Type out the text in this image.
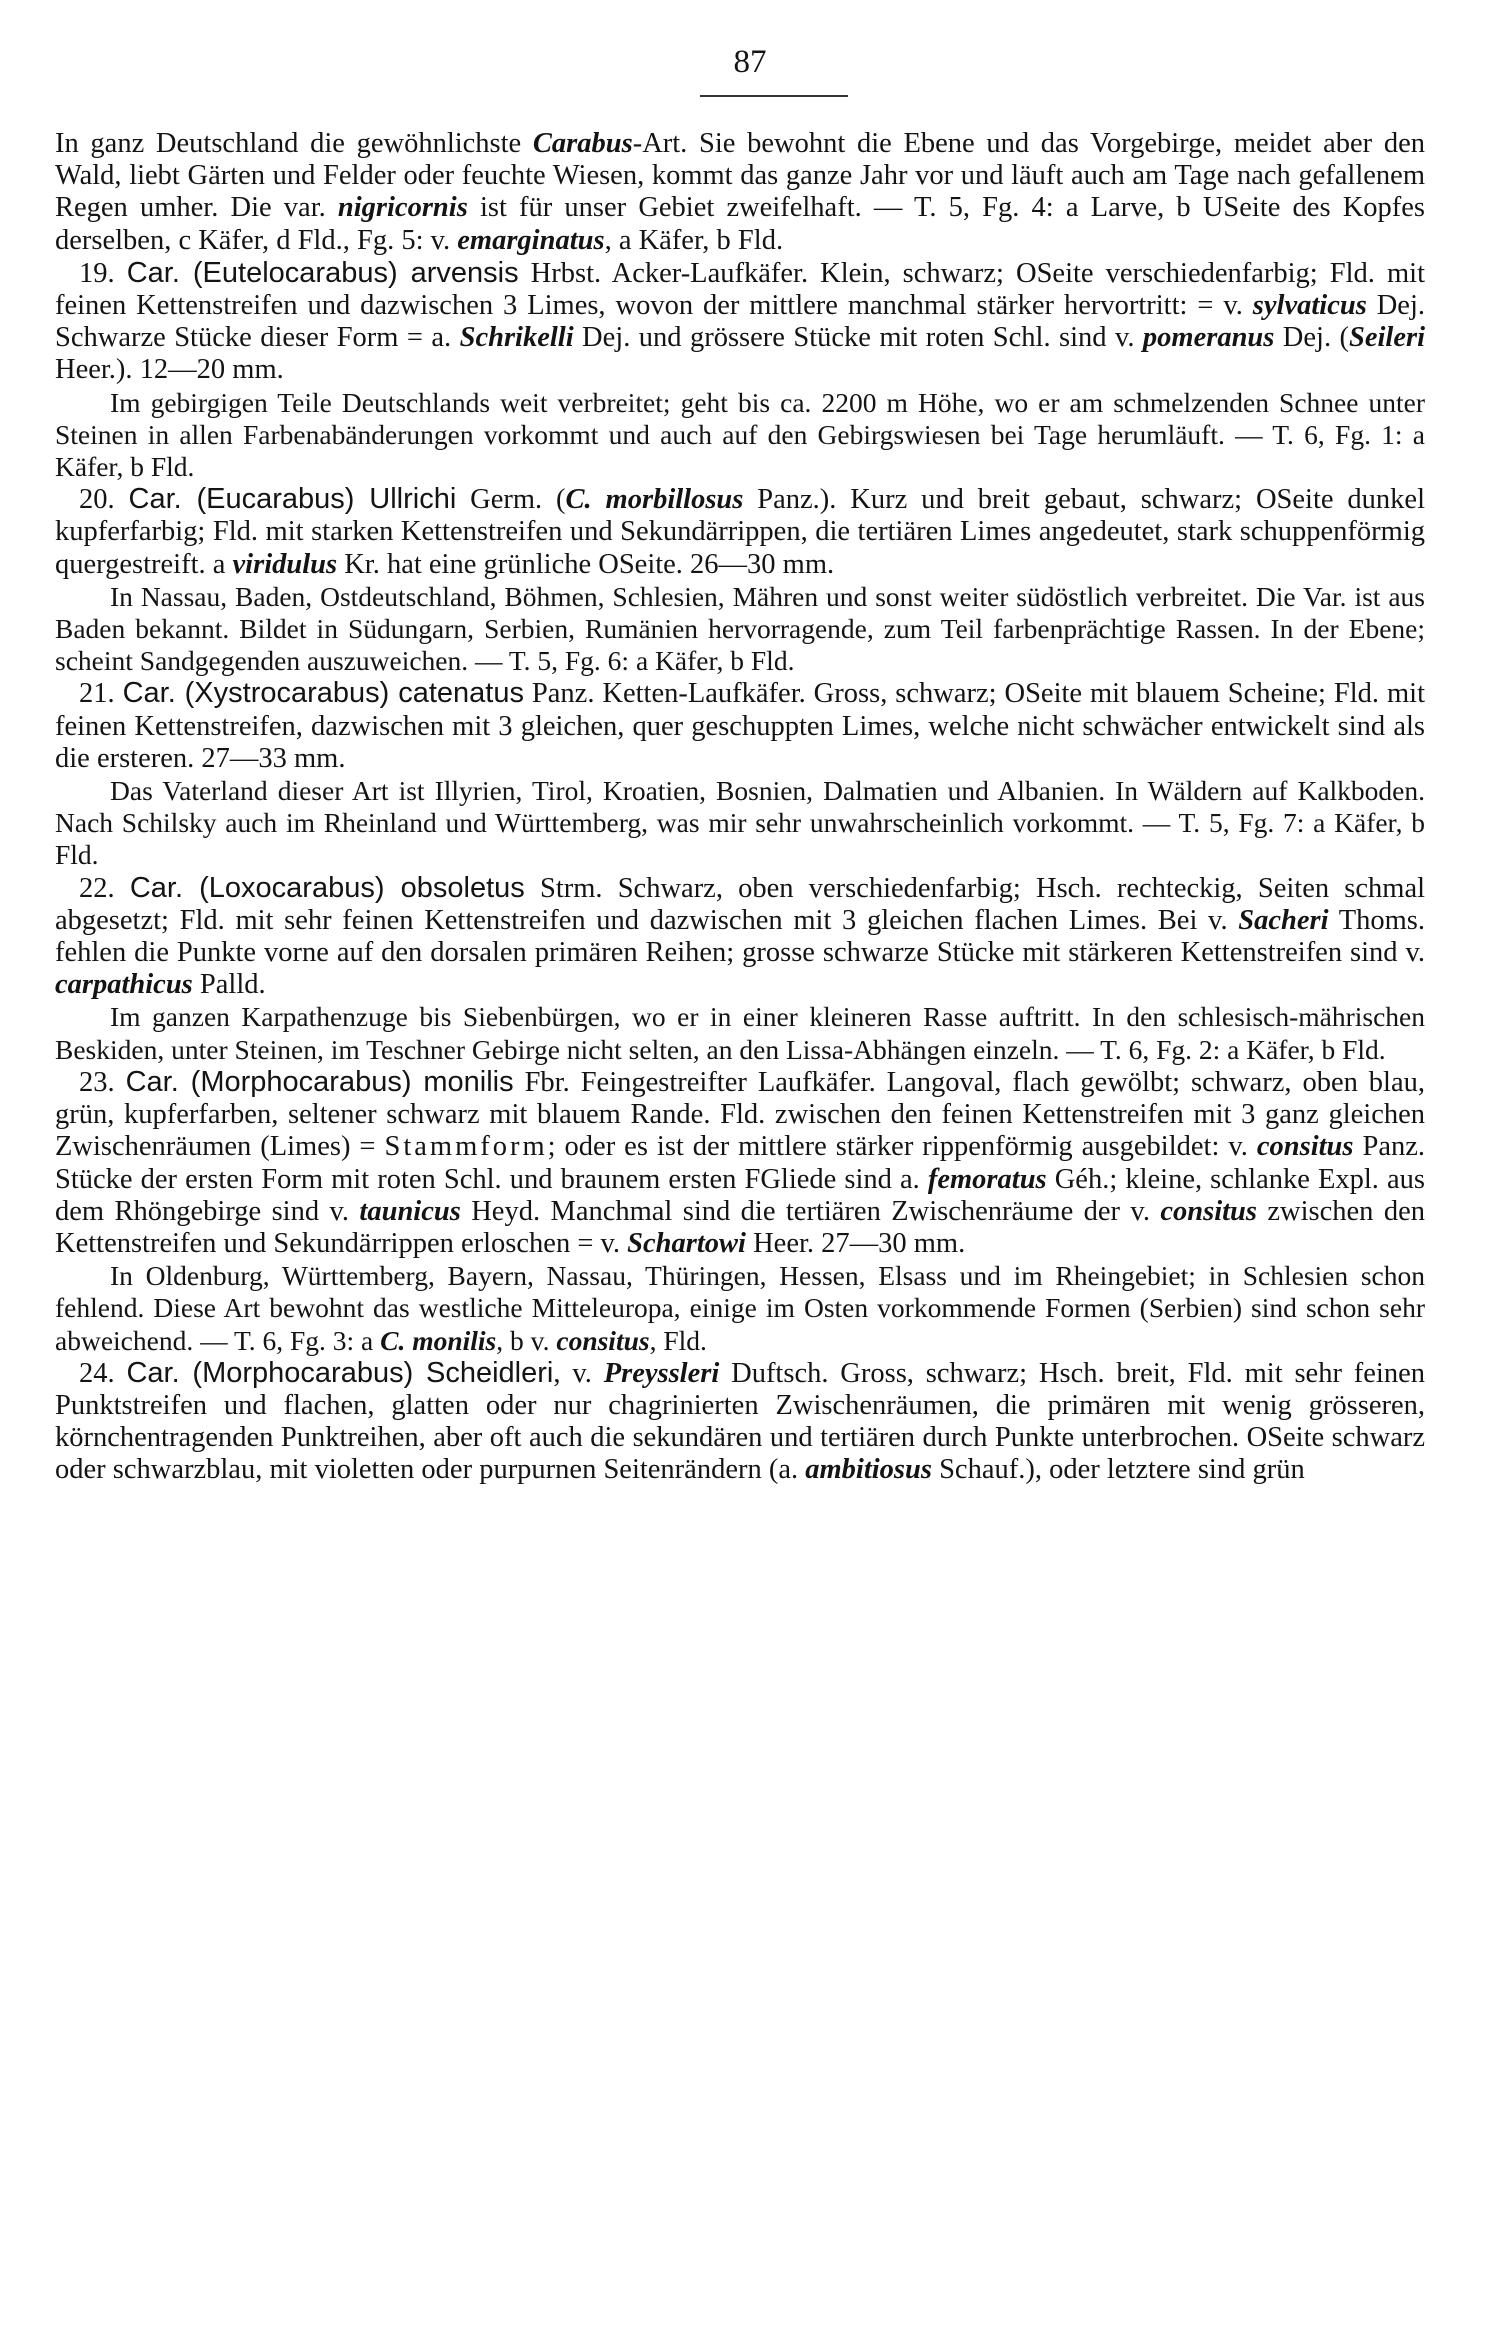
87

In ganz Deutschland die gewöhnlichste Carabus-Art. Sie bewohnt die Ebene und das Vorgebirge, meidet aber den Wald, liebt Gärten und Felder oder feuchte Wiesen, kommt das ganze Jahr vor und läuft auch am Tage nach gefallenem Regen umher. Die var. nigricornis ist für unser Gebiet zweifelhaft. — T. 5, Fg. 4: a Larve, b USeite des Kopfes derselben, c Käfer, d Fld., Fg. 5: v. emarginatus, a Käfer, b Fld.

19. Car. (Eutelocarabus) arvensis Hrbst. Acker-Laufkäfer. Klein, schwarz; OSeite verschiedenfarbig; Fld. mit feinen Kettenstreifen und dazwischen 3 Limes, wovon der mittlere manchmal stärker hervortritt: = v. sylvaticus Dej. Schwarze Stücke dieser Form = a. Schrikelli Dej. und grössere Stücke mit roten Schl. sind v. pomeranus Dej. (Seileri Heer.). 12—20 mm.

Im gebirgigen Teile Deutschlands weit verbreitet; geht bis ca. 2200 m Höhe, wo er am schmelzenden Schnee unter Steinen in allen Farbenabänderungen vorkommt und auch auf den Gebirgswiesen bei Tage herumläuft. — T. 6, Fg. 1: a Käfer, b Fld.

20. Car. (Eucarabus) Ullrichi Germ. (C. morbillosus Panz.). Kurz und breit gebaut, schwarz; OSeite dunkel kupferfarbig; Fld. mit starken Kettenstreifen und Sekundärrippen, die tertiären Limes angedeutet, stark schuppenförmig quergestreift. a viridulus Kr. hat eine grünliche OSeite. 26—30 mm.

In Nassau, Baden, Ostdeutschland, Böhmen, Schlesien, Mähren und sonst weiter südöstlich verbreitet. Die Var. ist aus Baden bekannt. Bildet in Südungarn, Serbien, Rumänien hervorragende, zum Teil farbenprächtige Rassen. In der Ebene; scheint Sandgegenden auszuweichen. — T. 5, Fg. 6: a Käfer, b Fld.

21. Car. (Xystrocarabus) catenatus Panz. Ketten-Laufkäfer. Gross, schwarz; OSeite mit blauem Scheine; Fld. mit feinen Kettenstreifen, dazwischen mit 3 gleichen, quer geschuppten Limes, welche nicht schwächer entwickelt sind als die ersteren. 27—33 mm.

Das Vaterland dieser Art ist Illyrien, Tirol, Kroatien, Bosnien, Dalmatien und Albanien. In Wäldern auf Kalkboden. Nach Schilsky auch im Rheinland und Württemberg, was mir sehr unwahrscheinlich vorkommt. — T. 5, Fg. 7: a Käfer, b Fld.

22. Car. (Loxocarabus) obsoletus Strm. Schwarz, oben verschiedenfarbig; Hsch. rechteckig, Seiten schmal abgesetzt; Fld. mit sehr feinen Kettenstreifen und dazwischen mit 3 gleichen flachen Limes. Bei v. Sacheri Thoms. fehlen die Punkte vorne auf den dorsalen primären Reihen; grosse schwarze Stücke mit stärkeren Kettenstreifen sind v. carpathicus Palld.

Im ganzen Karpathenzuge bis Siebenbürgen, wo er in einer kleineren Rasse auftritt. In den schlesisch-mährischen Beskiden, unter Steinen, im Teschner Gebirge nicht selten, an den Lissa-Abhängen einzeln. — T. 6, Fg. 2: a Käfer, b Fld.

23. Car. (Morphocarabus) monilis Fbr. Feingestreifter Laufkäfer. Langoval, flach gewölbt; schwarz, oben blau, grün, kupferfarben, seltener schwarz mit blauem Rande. Fld. zwischen den feinen Kettenstreifen mit 3 ganz gleichen Zwischenräumen (Limes) = Stammform; oder es ist der mittlere stärker rippenförmig ausgebildet: v. consitus Panz. Stücke der ersten Form mit roten Schl. und braunem ersten FGliede sind a. femoratus Géh.; kleine, schlanke Expl. aus dem Rhöngebirge sind v. taunicus Heyd. Manchmal sind die tertiären Zwischenräume der v. consitus zwischen den Kettenstreifen und Sekundärrippen erloschen = v. Schartowi Heer. 27—30 mm.

In Oldenburg, Württemberg, Bayern, Nassau, Thüringen, Hessen, Elsass und im Rheingebiet; in Schlesien schon fehlend. Diese Art bewohnt das westliche Mitteleuropa, einige im Osten vorkommende Formen (Serbien) sind schon sehr abweichend. — T. 6, Fg. 3: a C. monilis, b v. consitus, Fld.

24. Car. (Morphocarabus) Scheidleri, v. Preyssleri Duftsch. Gross, schwarz; Hsch. breit, Fld. mit sehr feinen Punktstreifen und flachen, glatten oder nur chagrinierten Zwischenräumen, die primären mit wenig grösseren, körnchentragenden Punktreihen, aber oft auch die sekundären und tertiären durch Punkte unterbrochen. OSeite schwarz oder schwarzblau, mit violetten oder purpurnen Seitenrändern (a. ambitiosus Schauf.), oder letztere sind grün
